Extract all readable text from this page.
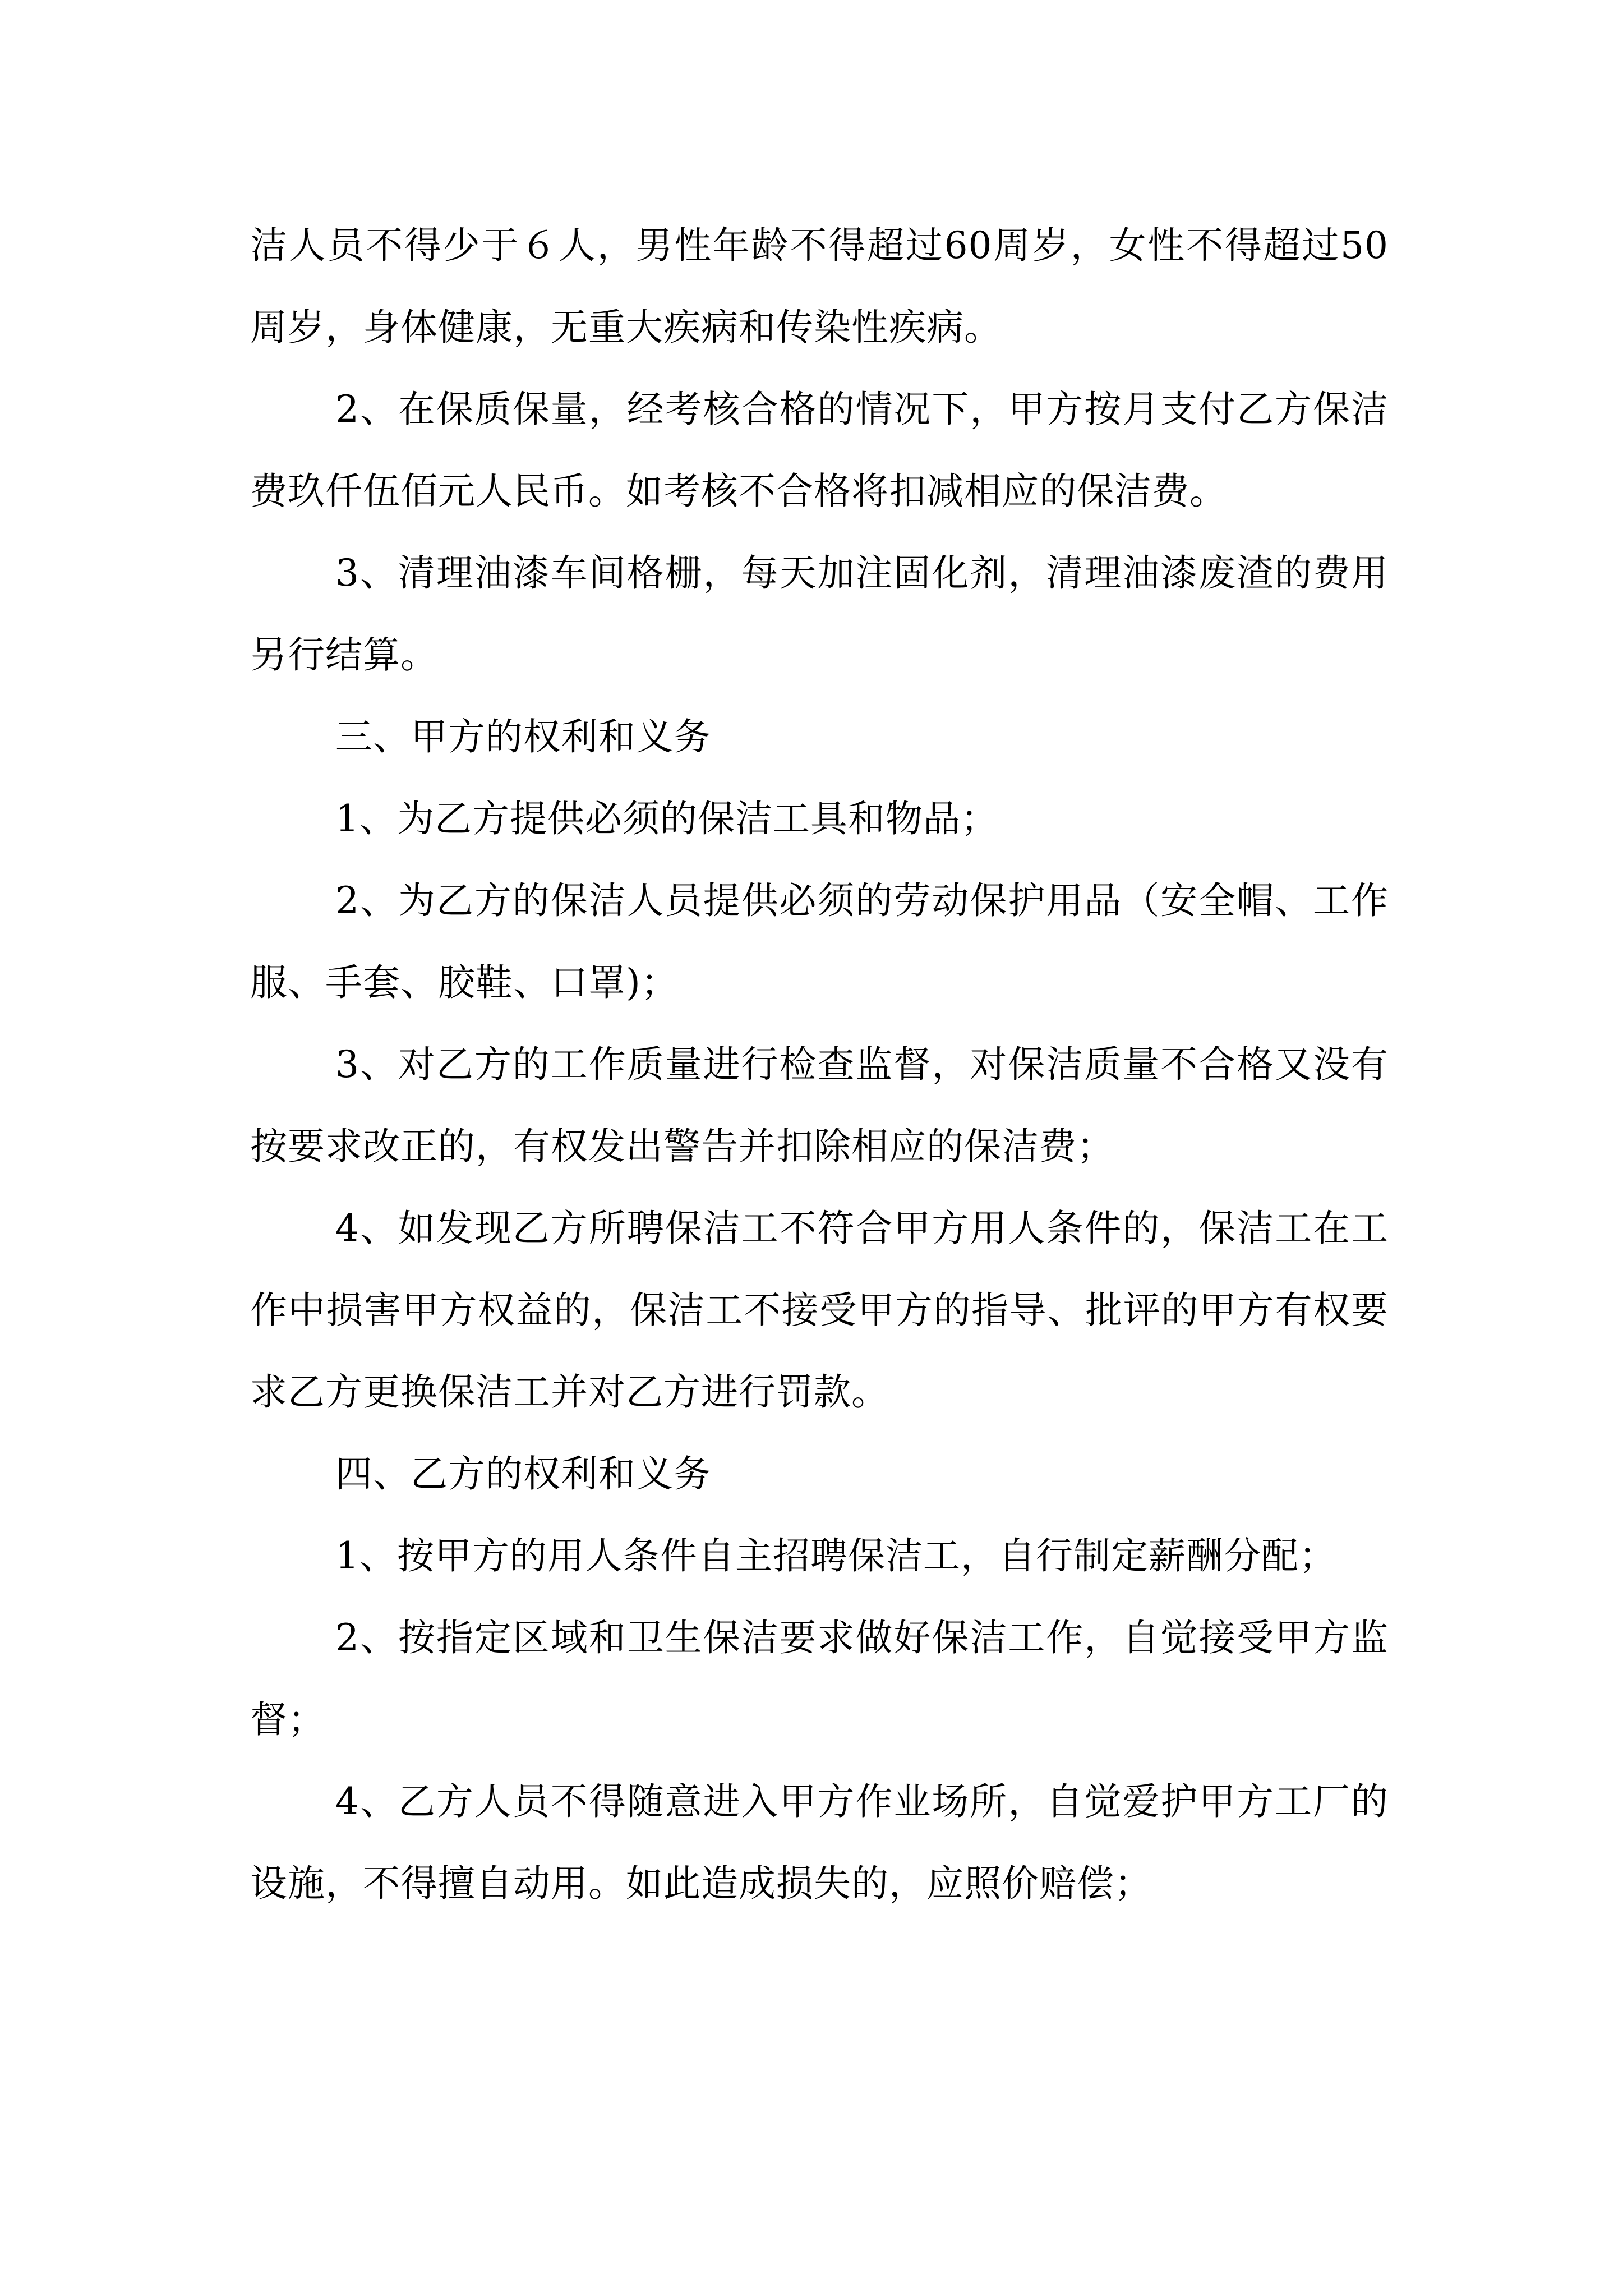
洁人员不得少于６人，男性年龄不得超过60周岁，女性不得超过50周岁，身体健康，无重大疾病和传染性疾病。

2、在保质保量，经考核合格的情况下，甲方按月支付乙方保洁费玖仟伍佰元人民币。如考核不合格将扣减相应的保洁费。

3、清理油漆车间格栅，每天加注固化剂，清理油漆废渣的费用另行结算。

三、甲方的权利和义务

1、为乙方提供必须的保洁工具和物品；

2、为乙方的保洁人员提供必须的劳动保护用品（安全帽、工作服、手套、胶鞋、口罩)；

3、对乙方的工作质量进行检查监督，对保洁质量不合格又没有按要求改正的，有权发出警告并扣除相应的保洁费；

4、如发现乙方所聘保洁工不符合甲方用人条件的，保洁工在工作中损害甲方权益的，保洁工不接受甲方的指导、批评的甲方有权要求乙方更换保洁工并对乙方进行罚款。

四、乙方的权利和义务

1、按甲方的用人条件自主招聘保洁工，自行制定薪酬分配；

2、按指定区域和卫生保洁要求做好保洁工作，自觉接受甲方监督；

4、乙方人员不得随意进入甲方作业场所，自觉爱护甲方工厂的设施，不得擅自动用。如此造成损失的，应照价赔偿；
